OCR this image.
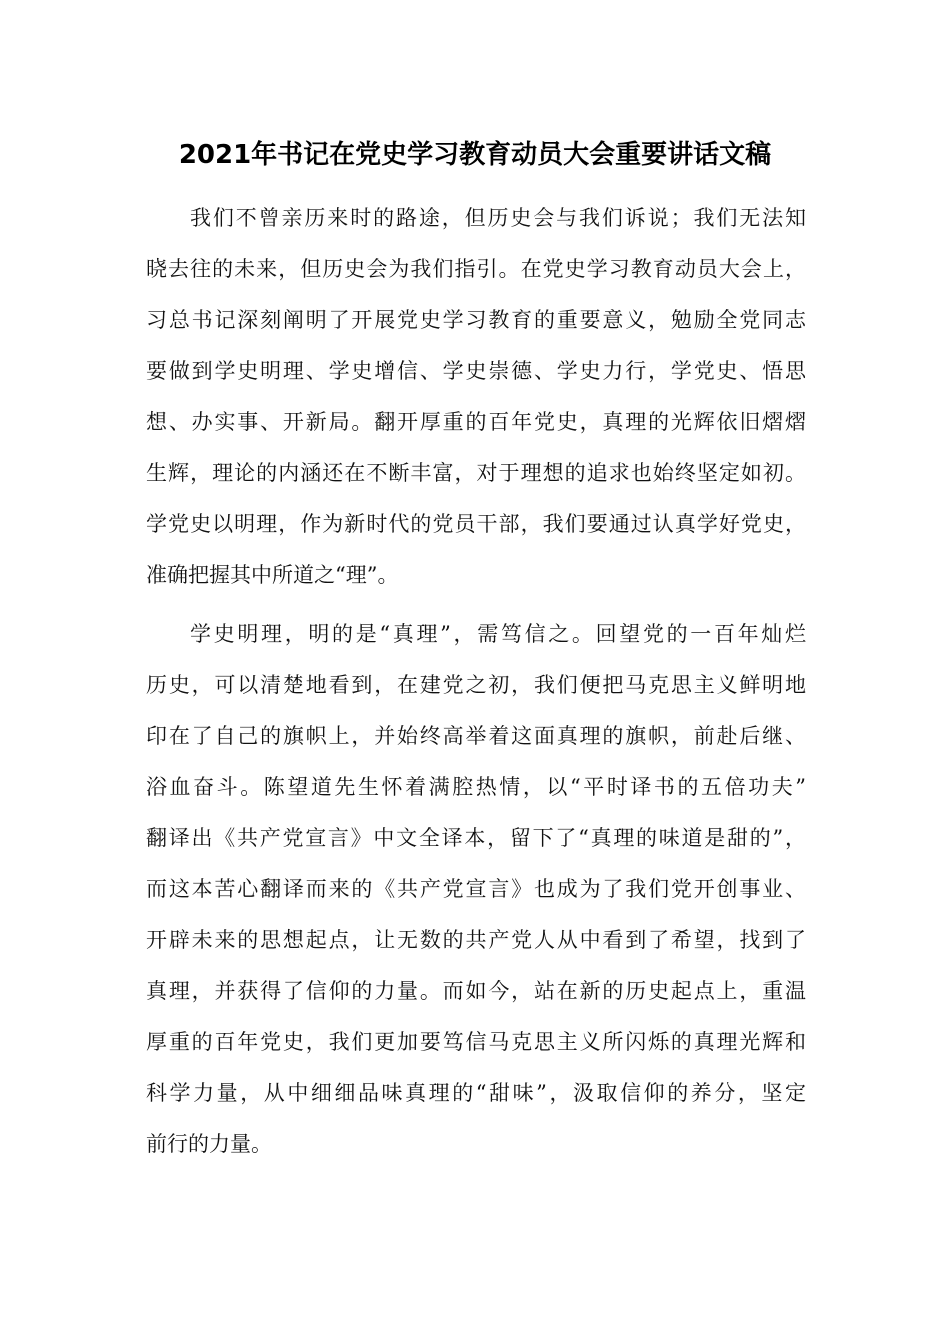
2021年书记在党史学习教育动员大会重要讲话文稿
我们不曾亲历来时的路途，但历史会与我们诉说；我们无法知
晓去往的未来，但历史会为我们指引。在党史学习教育动员大会上，
习总书记深刻阐明了开展党史学习教育的重要意义，勉励全党同志
要做到学史明理、学史增信、学史崇德、学史力行，学党史、悟思
想、办实事、开新局。翻开厚重的百年党史，真理的光辉依旧熠熠
生辉，理论的内涵还在不断丰富，对于理想的追求也始终坚定如初。
学党史以明理，作为新时代的党员干部，我们要通过认真学好党史，
准确把握其中所道之“理”。
学史明理，明的是“真理”，需笃信之。回望党的一百年灿烂
历史，可以清楚地看到，在建党之初，我们便把马克思主义鲜明地
印在了自己的旗帜上，并始终高举着这面真理的旗帜，前赴后继、
浴血奋斗。陈望道先生怀着满腔热情，以“平时译书的五倍功夫”
翻译出《共产党宣言》中文全译本，留下了“真理的味道是甜的”，
而这本苦心翻译而来的《共产党宣言》也成为了我们党开创事业、
开辟未来的思想起点，让无数的共产党人从中看到了希望，找到了
真理，并获得了信仰的力量。而如今，站在新的历史起点上，重温
厚重的百年党史，我们更加要笃信马克思主义所闪烁的真理光辉和
科学力量，从中细细品味真理的“甜味”，汲取信仰的养分，坚定
前行的力量。
